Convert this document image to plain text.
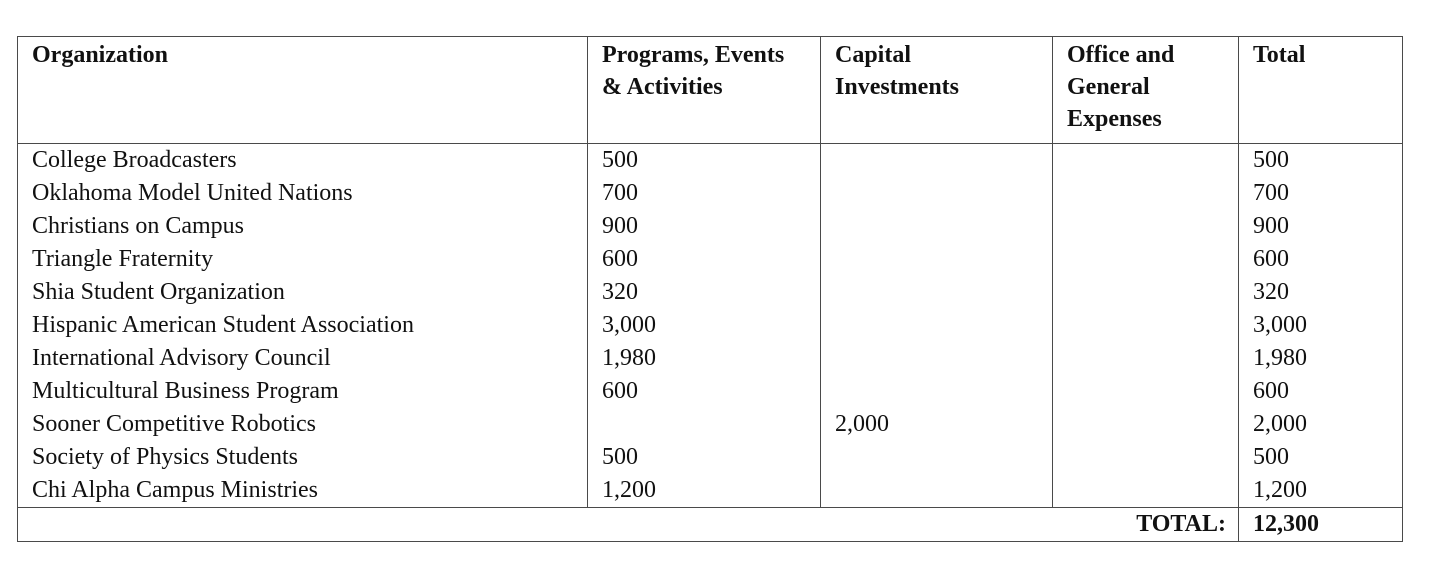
Organization	Programs, Events & Activities	Capital Investments	Office and General Expenses	Total
College Broadcasters	500			500
Oklahoma Model United Nations	700			700
Christians on Campus	900			900
Triangle Fraternity	600			600
Shia Student Organization	320			320
Hispanic American Student Association	3,000			3,000
International Advisory Council	1,980			1,980
Multicultural Business Program	600			600
Sooner Competitive Robotics		2,000		2,000
Society of Physics Students	500			500
Chi Alpha Campus Ministries	1,200			1,200
TOTAL:				12,300
